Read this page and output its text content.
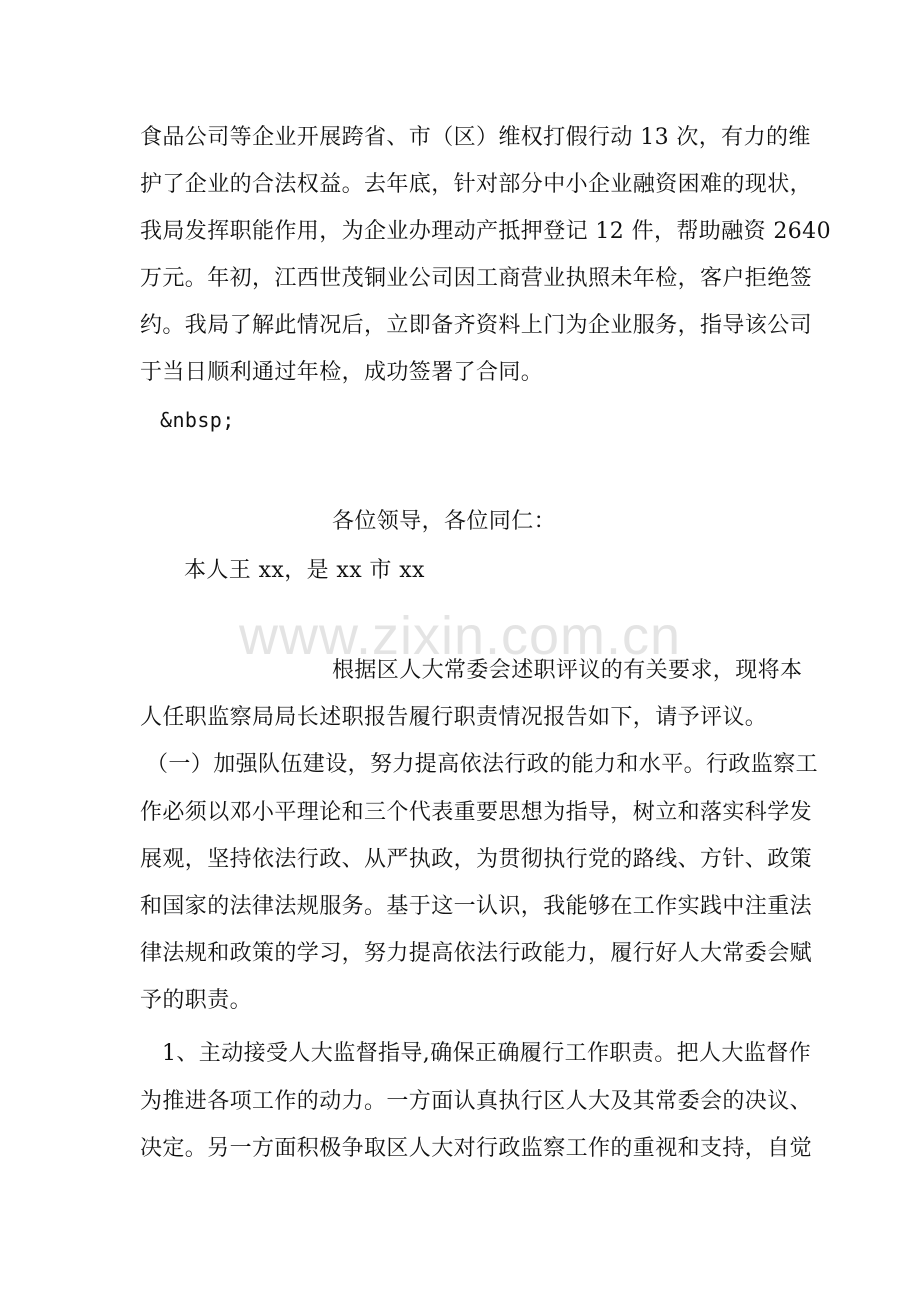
食品公司等企业开展跨省、市（区）维权打假行动 13 次，有力的维
护了企业的合法权益。去年底，针对部分中小企业融资困难的现状，
我局发挥职能作用，为企业办理动产抵押登记 12 件，帮助融资 2640
万元。年初，江西世茂铜业公司因工商营业执照未年检，客户拒绝签
约。我局了解此情况后，立即备齐资料上门为企业服务，指导该公司
于当日顺利通过年检，成功签署了合同。
&nbsp;
各位领导，各位同仁：
本人王 xx，是 xx 市 xx
www.zixin.com.cn
根据区人大常委会述职评议的有关要求，现将本
人任职监察局局长述职报告履行职责情况报告如下，请予评议。
（一）加强队伍建设，努力提高依法行政的能力和水平。行政监察工
作必须以邓小平理论和三个代表重要思想为指导，树立和落实科学发
展观，坚持依法行政、从严执政，为贯彻执行党的路线、方针、政策
和国家的法律法规服务。基于这一认识，我能够在工作实践中注重法
律法规和政策的学习，努力提高依法行政能力，履行好人大常委会赋
予的职责。
1、主动接受人大监督指导,确保正确履行工作职责。把人大监督作
为推进各项工作的动力。一方面认真执行区人大及其常委会的决议、
决定。另一方面积极争取区人大对行政监察工作的重视和支持，自觉
